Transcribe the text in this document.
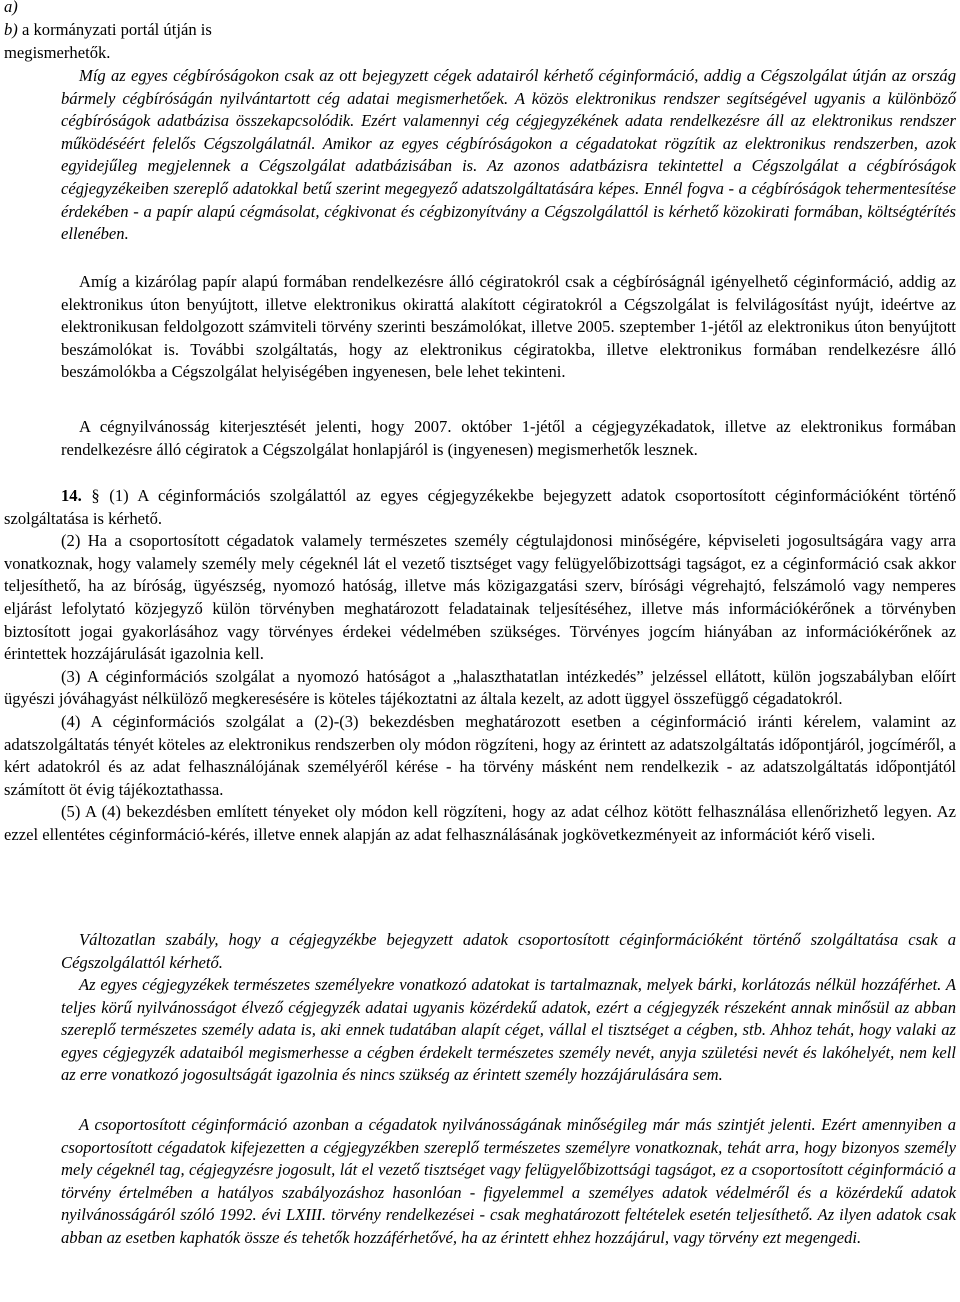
a)
b) a kormányzati portál útján is
megismerhetők.

Míg az egyes cégbíróságokon csak az ott bejegyzett cégek adatairól kérhető céginformáció, addig a Cégszolgálat útján az ország bármely cégbíróságán nyilvántartott cég adatai megismerhetőek. A közös elektronikus rendszer segítségével ugyanis a különböző cégbíróságok adatbázisa összekapcsolódik. Ezért valamennyi cég cégjegyzékének adata rendelkezésre áll az elektronikus rendszer működéséért felelős Cégszolgálatnál. Amikor az egyes cégbíróságokon a cégadatokat rögzítik az elektronikus rendszerben, azok egyidejűleg megjelennek a Cégszolgálat adatbázisában is. Az azonos adatbázisra tekintettel a Cégszolgálat a cégbíróságok cégjegyzékeiben szereplő adatokkal betű szerint megegyező adatszolgáltatására képes. Ennél fogva - a cégbíróságok tehermentesítése érdekében - a papír alapú cégmásolat, cégkivonat és cégbizonyítvány a Cégszolgálattól is kérhető közokirati formában, költségtérítés ellenében.

Amíg a kizárólag papír alapú formában rendelkezésre álló cégiratokról csak a cégbíróságnál igényelhető céginformáció, addig az elektronikus úton benyújtott, illetve elektronikus okirattá alakított cégiratokról a Cégszolgálat is felvilágosítást nyújt, ideértve az elektronikusan feldolgozott számviteli törvény szerinti beszámolókat, illetve 2005. szeptember 1-jétől az elektronikus úton benyújtott beszámolókat is. További szolgáltatás, hogy az elektronikus cégiratokba, illetve elektronikus formában rendelkezésre álló beszámolókba a Cégszolgálat helyiségében ingyenesen, bele lehet tekinteni.

A cégnyilvánosság kiterjesztését jelenti, hogy 2007. október 1-jétől a cégjegyzékadatok, illetve az elektronikus formában rendelkezésre álló cégiratok a Cégszolgálat honlapjáról is (ingyenesen) megismerhetők lesznek.

14. § (1) A céginformációs szolgálattól az egyes cégjegyzékekbe bejegyzett adatok csoportosított céginformációként történő szolgáltatása is kérhető.

(2) Ha a csoportosított cégadatok valamely természetes személy cégtulajdonosi minőségére, képviseleti jogosultságára vagy arra vonatkoznak, hogy valamely személy mely cégeknél lát el vezető tisztséget vagy felügyelőbizottsági tagságot, ez a céginformáció csak akkor teljesíthető, ha az bíróság, ügyészség, nyomozó hatóság, illetve más közigazgatási szerv, bírósági végrehajtó, felszámoló vagy nemperes eljárást lefolytató közjegyző külön törvényben meghatározott feladatainak teljesítéséhez, illetve más információkérőnek a törvényben biztosított jogai gyakorlásához vagy törvényes érdekei védelmében szükséges. Törvényes jogcím hiányában az információkérőnek az érintettek hozzájárulását igazolnia kell.

(3) A céginformációs szolgálat a nyomozó hatóságot a „halaszthatatlan intézkedés” jelzéssel ellátott, külön jogszabályban előírt ügyészi jóváhagyást nélkülöző megkeresésére is köteles tájékoztatni az általa kezelt, az adott üggyel összefüggő cégadatokról.

(4) A céginformációs szolgálat a (2)-(3) bekezdésben meghatározott esetben a céginformáció iránti kérelem, valamint az adatszolgáltatás tényét köteles az elektronikus rendszerben oly módon rögzíteni, hogy az érintett az adatszolgáltatás időpontjáról, jogcíméről, a kért adatokról és az adat felhasználójának személyéről kérése - ha törvény másként nem rendelkezik - az adatszolgáltatás időpontjától számított öt évig tájékoztathassa.

(5) A (4) bekezdésben említett tényeket oly módon kell rögzíteni, hogy az adat célhoz kötött felhasználása ellenőrizhető legyen. Az ezzel ellentétes céginformáció-kérés, illetve ennek alapján az adat felhasználásának jogkövetkezményeit az információt kérő viseli.

Változatlan szabály, hogy a cégjegyzékbe bejegyzett adatok csoportosított céginformációként történő szolgáltatása csak a Cégszolgálattól kérhető.

Az egyes cégjegyzékek természetes személyekre vonatkozó adatokat is tartalmaznak, melyek bárki, korlátozás nélkül hozzáférhet. A teljes körű nyilvánosságot élvező cégjegyzék adatai ugyanis közérdekű adatok, ezért a cégjegyzék részeként annak minősül az abban szereplő természetes személy adata is, aki ennek tudatában alapít céget, vállal el tisztséget a cégben, stb. Ahhoz tehát, hogy valaki az egyes cégjegyzék adataiból megismerhesse a cégben érdekelt természetes személy nevét, anyja születési nevét és lakóhelyét, nem kell az erre vonatkozó jogosultságát igazolnia és nincs szükség az érintett személy hozzájárulására sem.

A csoportosított céginformáció azonban a cégadatok nyilvánosságának minőségileg már más szintjét jelenti. Ezért amennyiben a csoportosított cégadatok kifejezetten a cégjegyzékben szereplő természetes személyre vonatkoznak, tehát arra, hogy bizonyos személy mely cégeknél tag, cégjegyzésre jogosult, lát el vezető tisztséget vagy felügyelőbizottsági tagságot, ez a csoportosított céginformáció a törvény értelmében a hatályos szabályozáshoz hasonlóan - figyelemmel a személyes adatok védelméről és a közérdekű adatok nyilvánosságáról szóló 1992. évi LXIII. törvény rendelkezései - csak meghatározott feltételek esetén teljesíthető. Az ilyen adatok csak abban az esetben kaphatók össze és tehetők hozzáférhetővé, ha az érintett ehhez hozzájárul, vagy törvény ezt megengedi.
